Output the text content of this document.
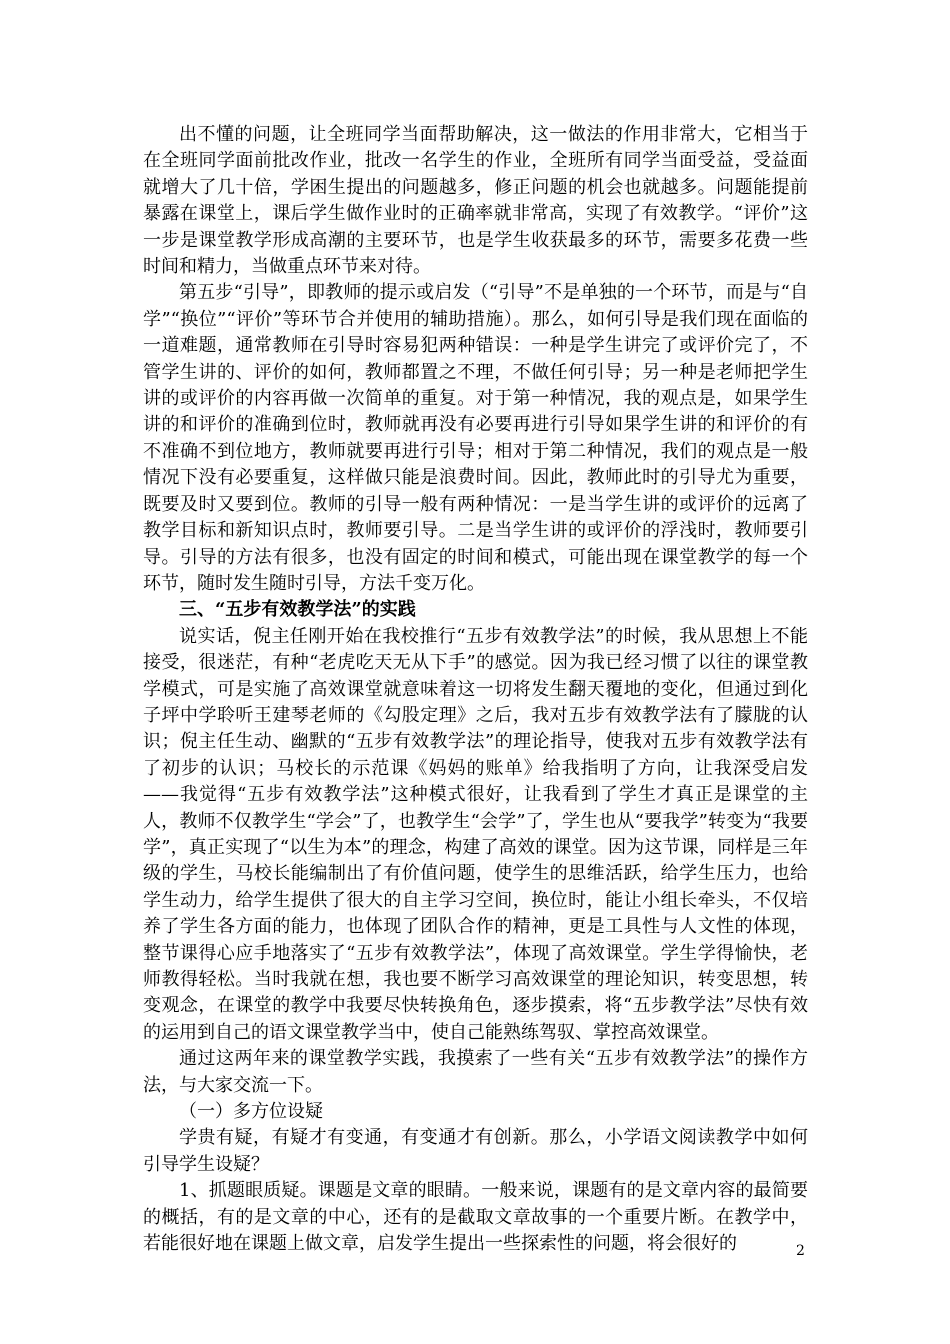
出不懂的问题，让全班同学当面帮助解决，这一做法的作用非常大，它相当于在全班同学面前批改作业，批改一名学生的作业，全班所有同学当面受益，受益面就增大了几十倍，学困生提出的问题越多，修正问题的机会也就越多。问题能提前暴露在课堂上，课后学生做作业时的正确率就非常高，实现了有效教学。“评价”这一步是课堂教学形成高潮的主要环节，也是学生收获最多的环节，需要多花费一些时间和精力，当做重点环节来对待。

第五步“引导”，即教师的提示或启发（“引导”不是单独的一个环节，而是与“自学”“换位”“评价”等环节合并使用的辅助措施）。那么，如何引导是我们现在面临的一道难题，通常教师在引导时容易犯两种错误：一种是学生讲完了或评价完了，不管学生讲的、评价的如何，教师都置之不理，不做任何引导；另一种是老师把学生讲的或评价的内容再做一次简单的重复。对于第一种情况，我的观点是，如果学生讲的和评价的准确到位时，教师就再没有必要再进行引导如果学生讲的和评价的有不准确不到位地方，教师就要再进行引导；相对于第二种情况，我们的观点是一般情况下没有必要重复，这样做只能是浪费时间。因此，教师此时的引导尤为重要，既要及时又要到位。教师的引导一般有两种情况：一是当学生讲的或评价的远离了教学目标和新知识点时，教师要引导。二是当学生讲的或评价的浮浅时，教师要引导。引导的方法有很多，也没有固定的时间和模式，可能出现在课堂教学的每一个环节，随时发生随时引导，方法千变万化。

三、“五步有效教学法”的实践

说实话，倪主任刚开始在我校推行“五步有效教学法”的时候，我从思想上不能接受，很迷茫，有种“老虎吃天无从下手”的感觉。因为我已经习惯了以往的课堂教学模式，可是实施了高效课堂就意味着这一切将发生翻天覆地的变化，但通过到化子坪中学聆听王建琴老师的《勾股定理》之后，我对五步有效教学法有了朦胧的认识；倪主任生动、幽默的“五步有效教学法”的理论指导，使我对五步有效教学法有了初步的认识；马校长的示范课《妈妈的账单》给我指明了方向，让我深受启发——我觉得“五步有效教学法”这种模式很好，让我看到了学生才真正是课堂的主人，教师不仅教学生“学会”了，也教学生“会学”了，学生也从“要我学”转变为“我要学”，真正实现了“以生为本”的理念，构建了高效的课堂。因为这节课，同样是三年级的学生，马校长能编制出了有价值问题，使学生的思维活跃，给学生压力，也给学生动力，给学生提供了很大的自主学习空间，换位时，能让小组长牵头，不仅培养了学生各方面的能力，也体现了团队合作的精神，更是工具性与人文性的体现，整节课得心应手地落实了“五步有效教学法”，体现了高效课堂。学生学得愉快，老师教得轻松。当时我就在想，我也要不断学习高效课堂的理论知识，转变思想，转变观念，在课堂的教学中我要尽快转换角色，逐步摸索，将“五步教学法”尽快有效的运用到自己的语文课堂教学当中，使自己能熟练驾驭、掌控高效课堂。

通过这两年来的课堂教学实践，我摸索了一些有关“五步有效教学法”的操作方法，与大家交流一下。

（一）多方位设疑

学贵有疑，有疑才有变通，有变通才有创新。那么，小学语文阅读教学中如何引导学生设疑？

1、抓题眼质疑。课题是文章的眼睛。一般来说，课题有的是文章内容的最简要的概括，有的是文章的中心，还有的是截取文章故事的一个重要片断。在教学中，若能很好地在课题上做文章，启发学生提出一些探索性的问题，将会很好的	2
